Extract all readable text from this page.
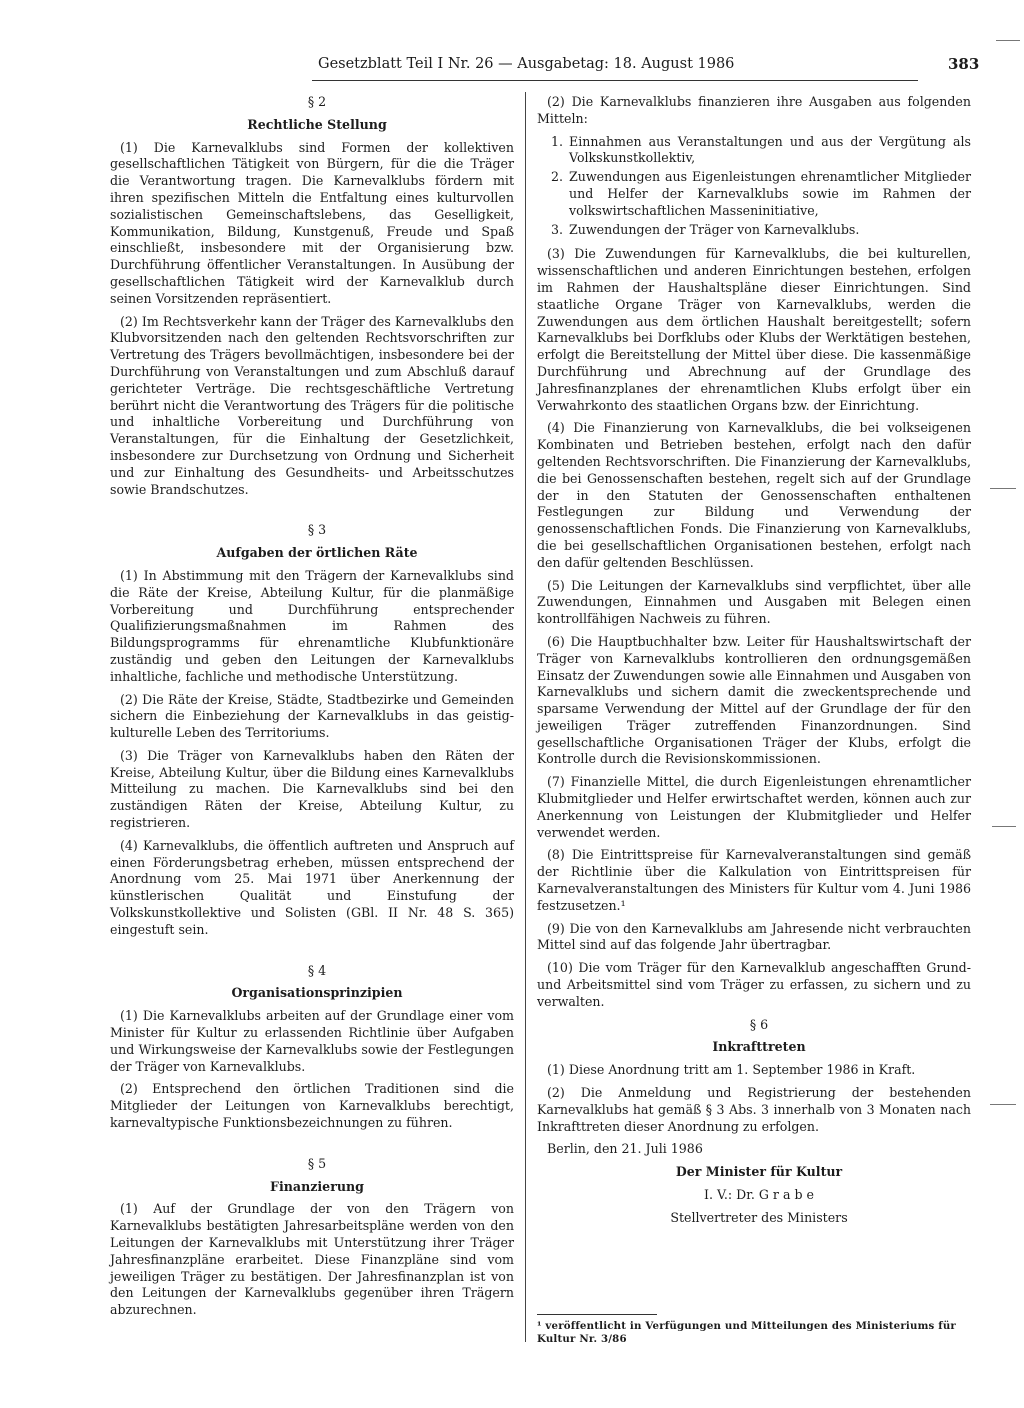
Gesetzblatt Teil I Nr. 26 — Ausgabetag: 18. August 1986	383

§ 2

Rechtliche Stellung

(1) Die Karnevalklubs sind Formen der kollektiven gesellschaftlichen Tätigkeit von Bürgern, für die die Träger die Verantwortung tragen. Die Karnevalklubs fördern mit ihren spezifischen Mitteln die Entfaltung eines kulturvollen sozialistischen Gemeinschaftslebens, das Geselligkeit, Kommunikation, Bildung, Kunstgenuß, Freude und Spaß einschließt, insbesondere mit der Organisierung bzw. Durchführung öffentlicher Veranstaltungen. In Ausübung der gesellschaftlichen Tätigkeit wird der Karnevalklub durch seinen Vorsitzenden repräsentiert.

(2) Im Rechtsverkehr kann der Träger des Karnevalklubs den Klubvorsitzenden nach den geltenden Rechtsvorschriften zur Vertretung des Trägers bevollmächtigen, insbesondere bei der Durchführung von Veranstaltungen und zum Abschluß darauf gerichteter Verträge. Die rechtsgeschäftliche Vertretung berührt nicht die Verantwortung des Trägers für die politische und inhaltliche Vorbereitung und Durchführung von Veranstaltungen, für die Einhaltung der Gesetzlichkeit, insbesondere zur Durchsetzung von Ordnung und Sicherheit und zur Einhaltung des Gesundheits- und Arbeitsschutzes sowie Brandschutzes.

§ 3

Aufgaben der örtlichen Räte

(1) In Abstimmung mit den Trägern der Karnevalklubs sind die Räte der Kreise, Abteilung Kultur, für die planmäßige Vorbereitung und Durchführung entsprechender Qualifizierungsmaßnahmen im Rahmen des Bildungsprogramms für ehrenamtliche Klubfunktionäre zuständig und geben den Leitungen der Karnevalklubs inhaltliche, fachliche und methodische Unterstützung.

(2) Die Räte der Kreise, Städte, Stadtbezirke und Gemeinden sichern die Einbeziehung der Karnevalklubs in das geistig-kulturelle Leben des Territoriums.

(3) Die Träger von Karnevalklubs haben den Räten der Kreise, Abteilung Kultur, über die Bildung eines Karnevalklubs Mitteilung zu machen. Die Karnevalklubs sind bei den zuständigen Räten der Kreise, Abteilung Kultur, zu registrieren.

(4) Karnevalklubs, die öffentlich auftreten und Anspruch auf einen Förderungsbetrag erheben, müssen entsprechend der Anordnung vom 25. Mai 1971 über Anerkennung der künstlerischen Qualität und Einstufung der Volkskunstkollektive und Solisten (GBl. II Nr. 48 S. 365) eingestuft sein.

§ 4

Organisationsprinzipien

(1) Die Karnevalklubs arbeiten auf der Grundlage einer vom Minister für Kultur zu erlassenden Richtlinie über Aufgaben und Wirkungsweise der Karnevalklubs sowie der Festlegungen der Träger von Karnevalklubs.

(2) Entsprechend den örtlichen Traditionen sind die Mitglieder der Leitungen von Karnevalklubs berechtigt, karnevaltypische Funktionsbezeichnungen zu führen.

§ 5

Finanzierung

(1) Auf der Grundlage der von den Trägern von Karnevalklubs bestätigten Jahresarbeitspläne werden von den Leitungen der Karnevalklubs mit Unterstützung ihrer Träger Jahresfinanzpläne erarbeitet. Diese Finanzpläne sind vom jeweiligen Träger zu bestätigen. Der Jahresfinanzplan ist von den Leitungen der Karnevalklubs gegenüber ihren Trägern abzurechnen.

(2) Die Karnevalklubs finanzieren ihre Ausgaben aus folgenden Mitteln:

1. Einnahmen aus Veranstaltungen und aus der Vergütung als Volkskunstkollektiv,
2. Zuwendungen aus Eigenleistungen ehrenamtlicher Mitglieder und Helfer der Karnevalklubs sowie im Rahmen der volkswirtschaftlichen Masseninitiative,
3. Zuwendungen der Träger von Karnevalklubs.

(3) Die Zuwendungen für Karnevalklubs, die bei kulturellen, wissenschaftlichen und anderen Einrichtungen bestehen, erfolgen im Rahmen der Haushaltspläne dieser Einrichtungen. Sind staatliche Organe Träger von Karnevalklubs, werden die Zuwendungen aus dem örtlichen Haushalt bereitgestellt; sofern Karnevalklubs bei Dorfklubs oder Klubs der Werktätigen bestehen, erfolgt die Bereitstellung der Mittel über diese. Die kassenmäßige Durchführung und Abrechnung auf der Grundlage des Jahresfinanzplanes der ehrenamtlichen Klubs erfolgt über ein Verwahrkonto des staatlichen Organs bzw. der Einrichtung.

(4) Die Finanzierung von Karnevalklubs, die bei volkseigenen Kombinaten und Betrieben bestehen, erfolgt nach den dafür geltenden Rechtsvorschriften. Die Finanzierung der Karnevalklubs, die bei Genossenschaften bestehen, regelt sich auf der Grundlage der in den Statuten der Genossenschaften enthaltenen Festlegungen zur Bildung und Verwendung der genossenschaftlichen Fonds. Die Finanzierung von Karnevalklubs, die bei gesellschaftlichen Organisationen bestehen, erfolgt nach den dafür geltenden Beschlüssen.

(5) Die Leitungen der Karnevalklubs sind verpflichtet, über alle Zuwendungen, Einnahmen und Ausgaben mit Belegen einen kontrollfähigen Nachweis zu führen.

(6) Die Hauptbuchhalter bzw. Leiter für Haushaltswirtschaft der Träger von Karnevalklubs kontrollieren den ordnungsgemäßen Einsatz der Zuwendungen sowie alle Einnahmen und Ausgaben von Karnevalklubs und sichern damit die zweckentsprechende und sparsame Verwendung der Mittel auf der Grundlage der für den jeweiligen Träger zutreffenden Finanzordnungen. Sind gesellschaftliche Organisationen Träger der Klubs, erfolgt die Kontrolle durch die Revisionskommissionen.

(7) Finanzielle Mittel, die durch Eigenleistungen ehrenamtlicher Klubmitglieder und Helfer erwirtschaftet werden, können auch zur Anerkennung von Leistungen der Klubmitglieder und Helfer verwendet werden.

(8) Die Eintrittspreise für Karnevalveranstaltungen sind gemäß der Richtlinie über die Kalkulation von Eintrittspreisen für Karnevalveranstaltungen des Ministers für Kultur vom 4. Juni 1986 festzusetzen.¹

(9) Die von den Karnevalklubs am Jahresende nicht verbrauchten Mittel sind auf das folgende Jahr übertragbar.

(10) Die vom Träger für den Karnevalklub angeschafften Grund- und Arbeitsmittel sind vom Träger zu erfassen, zu sichern und zu verwalten.

§ 6

Inkrafttreten

(1) Diese Anordnung tritt am 1. September 1986 in Kraft.

(2) Die Anmeldung und Registrierung der bestehenden Karnevalklubs hat gemäß § 3 Abs. 3 innerhalb von 3 Monaten nach Inkrafttreten dieser Anordnung zu erfolgen.

Berlin, den 21. Juli 1986

Der Minister für Kultur

I. V.: Dr. G r a b e

Stellvertreter des Ministers

¹ veröffentlicht in Verfügungen und Mitteilungen des Ministeriums für Kultur Nr. 3/86
